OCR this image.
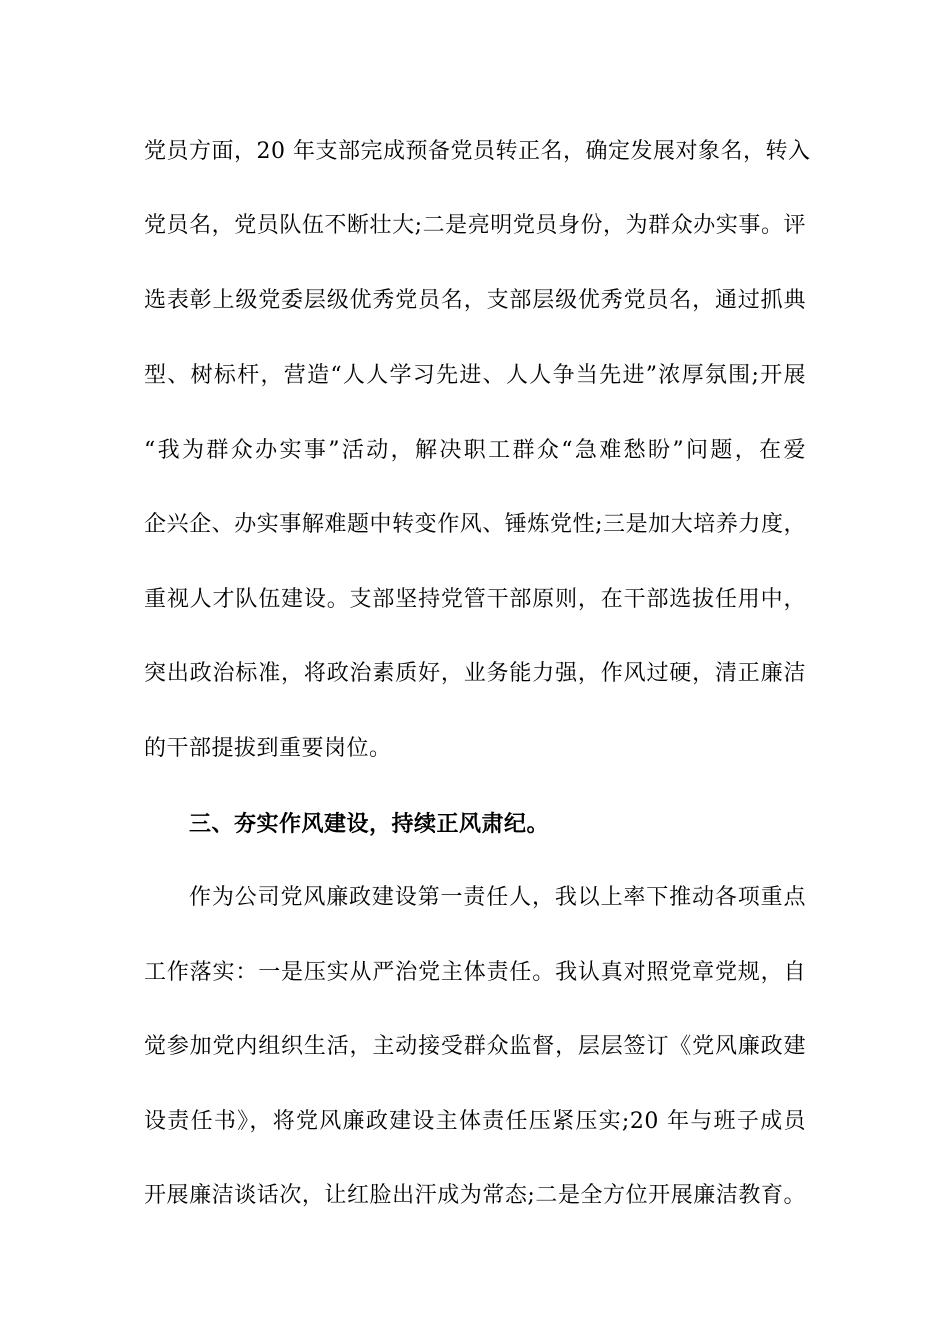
党员方面，20 年支部完成预备党员转正名，确定发展对象名，转入
党员名，党员队伍不断壮大;二是亮明党员身份，为群众办实事。评
选表彰上级党委层级优秀党员名，支部层级优秀党员名，通过抓典
型、树标杆，营造“人人学习先进、人人争当先进”浓厚氛围;开展
“我为群众办实事”活动，解决职工群众“急难愁盼”问题，在爱
企兴企、办实事解难题中转变作风、锤炼党性;三是加大培养力度，
重视人才队伍建设。支部坚持党管干部原则，在干部选拔任用中，
突出政治标准，将政治素质好，业务能力强，作风过硬，清正廉洁
的干部提拔到重要岗位。
三、夯实作风建设，持续正风肃纪。
作为公司党风廉政建设第一责任人，我以上率下推动各项重点
工作落实：一是压实从严治党主体责任。我认真对照党章党规，自
觉参加党内组织生活，主动接受群众监督，层层签订《党风廉政建
设责任书》，将党风廉政建设主体责任压紧压实;20 年与班子成员
开展廉洁谈话次，让红脸出汗成为常态;二是全方位开展廉洁教育。
